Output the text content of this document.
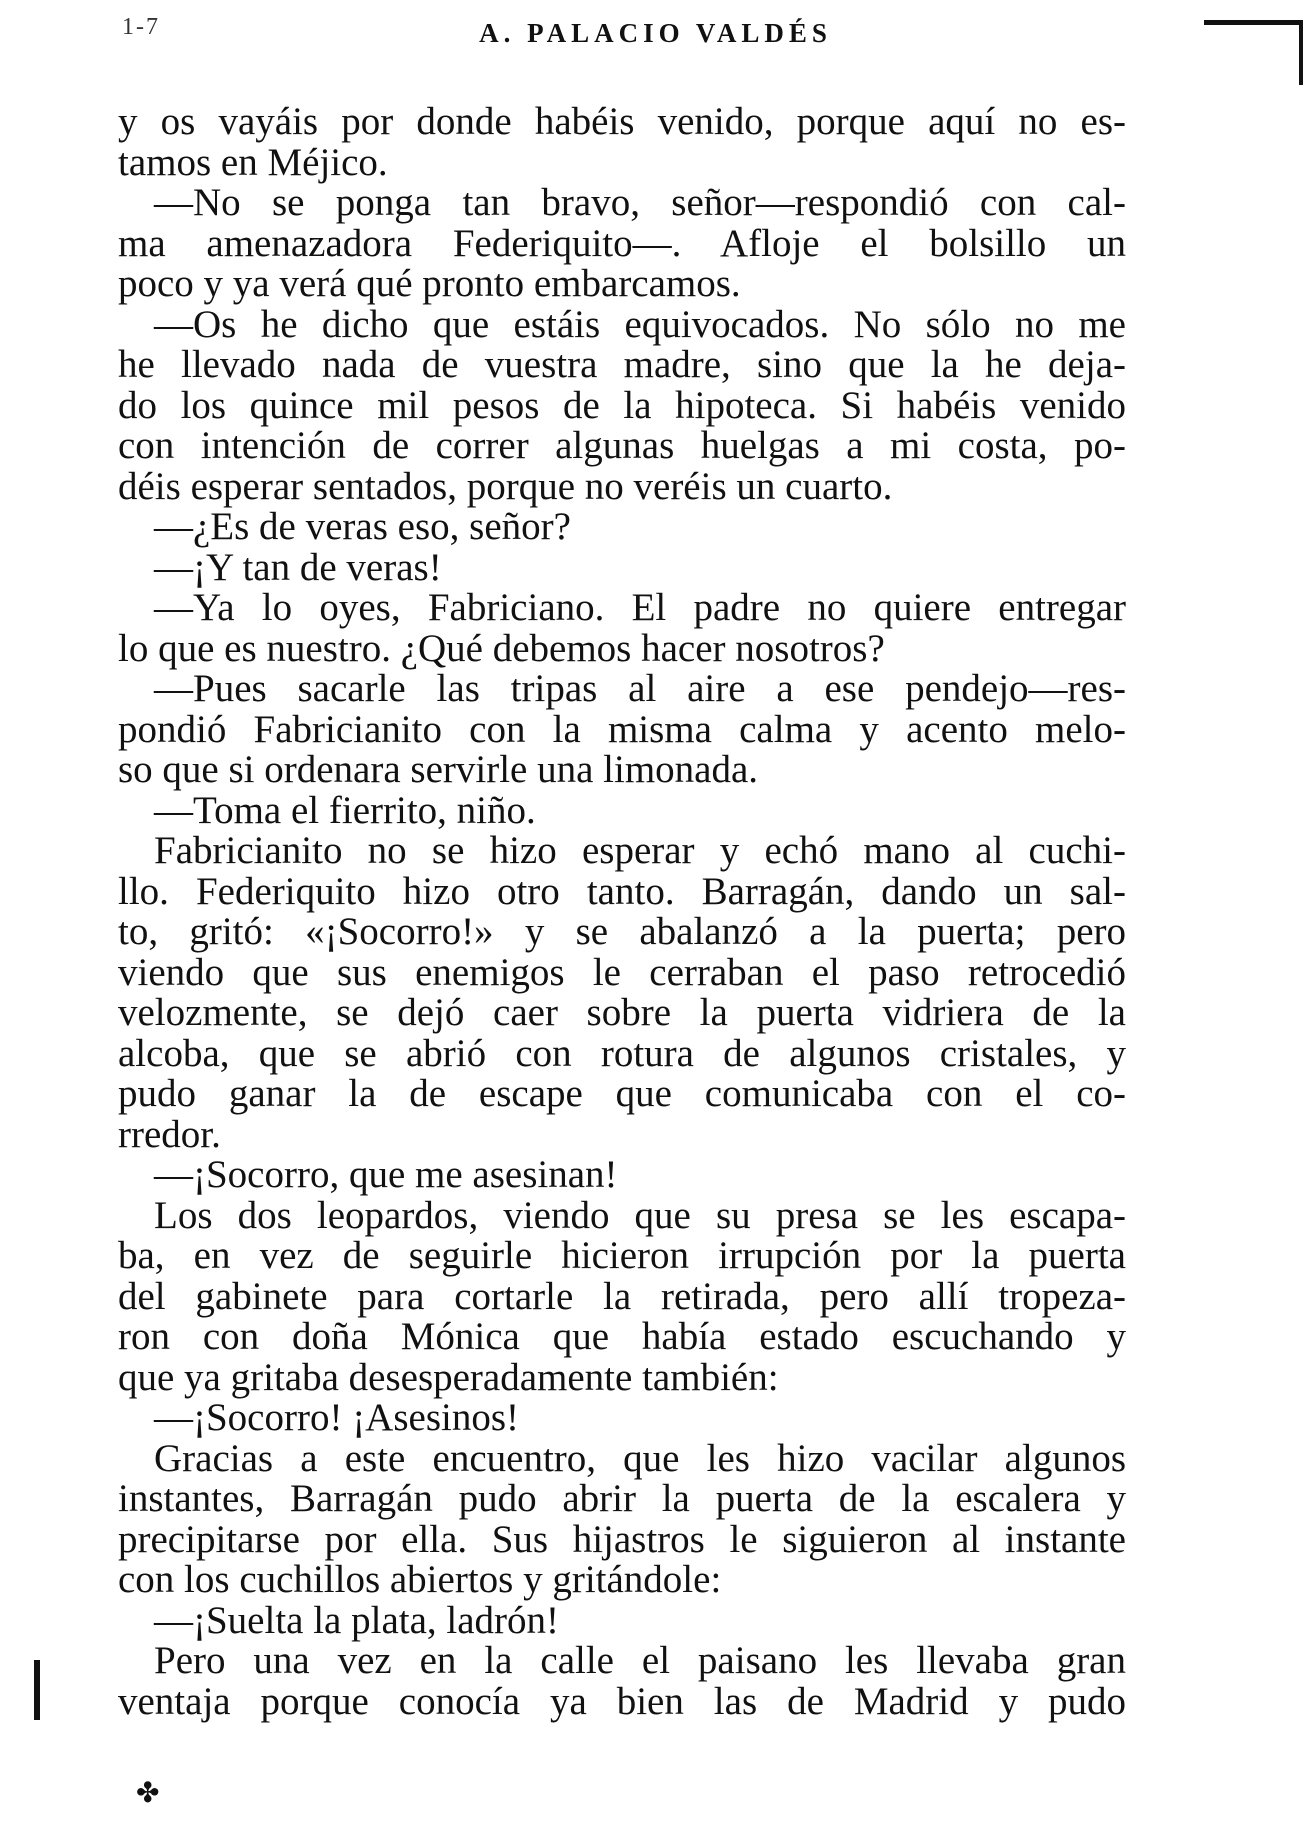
1-7	A. PALACIO VALDÉS
y os vayáis por donde habéis venido, porque aquí no es-
tamos en Méjico.
—No se ponga tan bravo, señor—respondió con cal-
ma amenazadora Federiquito—. Afloje el bolsillo un
poco y ya verá qué pronto embarcamos.
—Os he dicho que estáis equivocados. No sólo no me
he llevado nada de vuestra madre, sino que la he deja-
do los quince mil pesos de la hipoteca. Si habéis venido
con intención de correr algunas huelgas a mi costa, po-
déis esperar sentados, porque no veréis un cuarto.
—¿Es de veras eso, señor?
—¡Y tan de veras!
—Ya lo oyes, Fabriciano. El padre no quiere entregar
lo que es nuestro. ¿Qué debemos hacer nosotros?
—Pues sacarle las tripas al aire a ese pendejo—res-
pondió Fabricianito con la misma calma y acento melo-
so que si ordenara servirle una limonada.
—Toma el fierrito, niño.
Fabricianito no se hizo esperar y echó mano al cuchi-
llo. Federiquito hizo otro tanto. Barragán, dando un sal-
to, gritó: «¡Socorro!» y se abalanzó a la puerta; pero
viendo que sus enemigos le cerraban el paso retrocedió
velozmente, se dejó caer sobre la puerta vidriera de la
alcoba, que se abrió con rotura de algunos cristales, y
pudo ganar la de escape que comunicaba con el co-
rredor.
—¡Socorro, que me asesinan!
Los dos leopardos, viendo que su presa se les escapa-
ba, en vez de seguirle hicieron irrupción por la puerta
del gabinete para cortarle la retirada, pero allí tropeza-
ron con doña Mónica que había estado escuchando y
que ya gritaba desesperadamente también:
—¡Socorro! ¡Asesinos!
Gracias a este encuentro, que les hizo vacilar algunos
instantes, Barragán pudo abrir la puerta de la escalera y
precipitarse por ella. Sus hijastros le siguieron al instante
con los cuchillos abiertos y gritándole:
—¡Suelta la plata, ladrón!
Pero una vez en la calle el paisano les llevaba gran
ventaja porque conocía ya bien las de Madrid y pudo
✤
